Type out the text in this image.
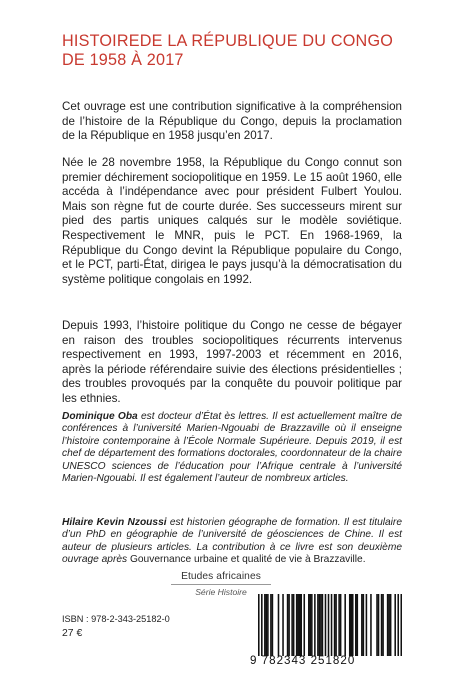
HISTOIREDE LA RÉPUBLIQUE DU CONGO
DE 1958 À 2017

Cet ouvrage est une contribution significative à la compréhension de l’histoire de la République du Congo, depuis la proclamation de la République en 1958 jusqu’en 2017.

Née le 28 novembre 1958, la République du Congo connut son premier déchirement sociopolitique en 1959. Le 15 août 1960, elle accéda à l’indépendance avec pour président Fulbert Youlou. Mais son règne fut de courte durée. Ses successeurs mirent sur pied des partis uniques calqués sur le modèle soviétique. Respectivement le MNR, puis le PCT. En 1968-1969, la République du Congo devint la République populaire du Congo, et le PCT, parti-État, dirigea le pays jusqu’à la démocratisation du système politique congolais en 1992.

Depuis 1993, l’histoire politique du Congo ne cesse de bégayer en raison des troubles sociopolitiques récurrents intervenus respectivement en 1993, 1997-2003 et récemment en 2016, après la période référendaire suivie des élections présidentielles ; des troubles provoqués par la conquête du pouvoir politique par les ethnies.

Dominique Oba est docteur d’État ès lettres. Il est actuellement maître de conférences à l’université Marien-Ngouabi de Brazzaville où il enseigne l’histoire contemporaine à l’École Normale Supérieure. Depuis 2019, il est chef de département des formations doctorales, coordonnateur de la chaire UNESCO sciences de l’éducation pour l’Afrique centrale à l’université Marien-Ngouabi. Il est également l’auteur de nombreux articles.

Hilaire Kevin Nzoussi est historien géographe de formation. Il est titulaire d’un PhD en géographie de l’université de géosciences de Chine. Il est auteur de plusieurs articles. La contribution à ce livre est son deuxième ouvrage après Gouvernance urbaine et qualité de vie à Brazzaville.

Etudes africaines
Série Histoire
ISBN : 978-2-343-25182-0
27 €
9 782343 251820
